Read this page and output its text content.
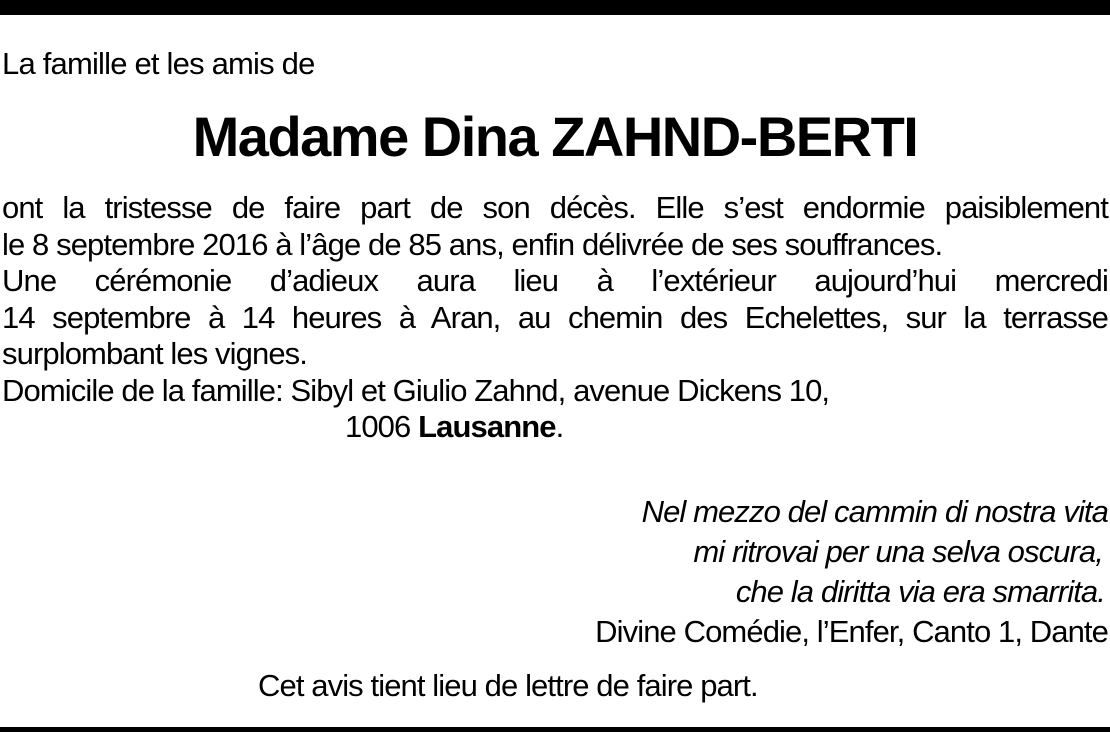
La famille et les amis de
Madame Dina ZAHND-BERTI
ont la tristesse de faire part de son décès. Elle s’est endormie paisiblement
le 8 septembre 2016 à l’âge de 85 ans, enfin délivrée de ses souffrances.
Une cérémonie d’adieux aura lieu à l’extérieur aujourd’hui mercredi
14 septembre à 14 heures à Aran, au chemin des Echelettes, sur la terrasse
surplombant les vignes.
Domicile de la famille: Sibyl et Giulio Zahnd, avenue Dickens 10,
1006 Lausanne.
Nel mezzo del cammin di nostra vita
mi ritrovai per una selva oscura,
che la diritta via era smarrita.
Divine Comédie, l’Enfer, Canto 1, Dante
Cet avis tient lieu de lettre de faire part.
